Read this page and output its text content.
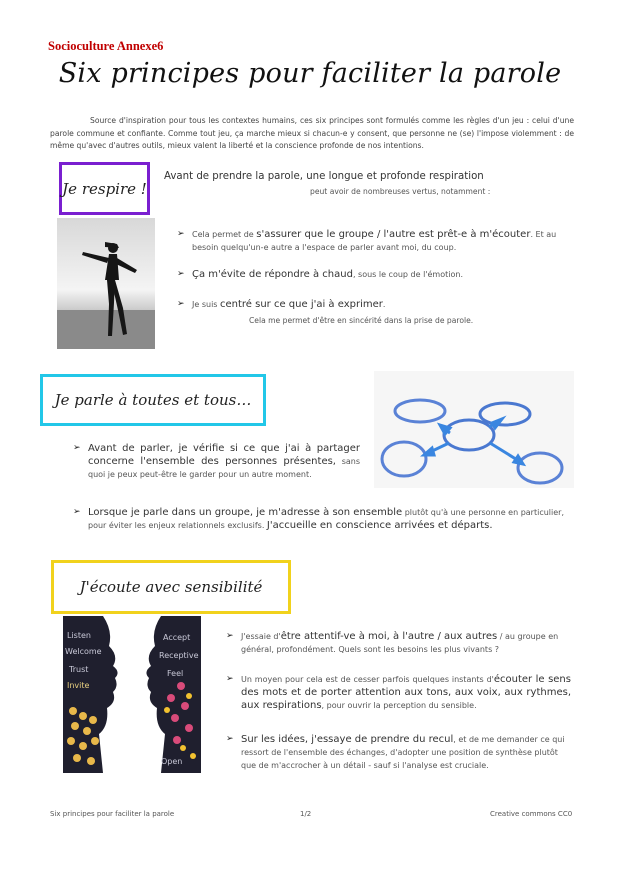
Socioculture Annexe6
Six principes pour faciliter la parole
Source d'inspiration pour tous les contextes humains, ces six principes sont formulés comme les règles d'un jeu : celui d'une parole commune et confiante. Comme tout jeu, ça marche mieux si chacun-e y consent, que personne ne (se) l'impose violemment : de même qu'avec d'autres outils, mieux valent la liberté et la conscience profonde de nos intentions.
Je respire !
Avant de prendre la parole, une longue et profonde respiration
peut avoir de nombreuses vertus, notamment :
➢ Cela permet de s'assurer que le groupe / l'autre est prêt-e à m'écouter. Et au besoin quelqu'un-e autre a l'espace de parler avant moi, du coup.
➢ Ça m'évite de répondre à chaud, sous le coup de l'émotion.
➢ Je suis centré sur ce que j'ai à exprimer.
Cela me permet d'être en sincérité dans la prise de parole.
Je parle à toutes et tous…
➢ Avant de parler, je vérifie si ce que j'ai à partager concerne l'ensemble des personnes présentes, sans quoi je peux peut-être le garder pour un autre moment.
➢ Lorsque je parle dans un groupe, je m'adresse à son ensemble plutôt qu'à une personne en particulier, pour éviter les enjeux relationnels exclusifs. J'accueille en conscience arrivées et départs.
J'écoute avec sensibilité
Listen
Welcome
Invite
Receptive
Accept
Trust	Feel
Open
➢ J'essaie d'être attentif-ve à moi, à l'autre / aux autres / au groupe en général, profondément. Quels sont les besoins les plus vivants ?
➢ Un moyen pour cela est de cesser parfois quelques instants d'écouter le sens des mots et de porter attention aux tons, aux voix, aux rythmes, aux respirations, pour ouvrir la perception du sensible.
➢ Sur les idées, j'essaye de prendre du recul, et de me demander ce qui ressort de l'ensemble des échanges, d'adopter une position de synthèse plutôt que de m'accrocher à un détail - sauf si l'analyse est cruciale.
Six principes pour faciliter la parole	1/2	Creative commons CC0
